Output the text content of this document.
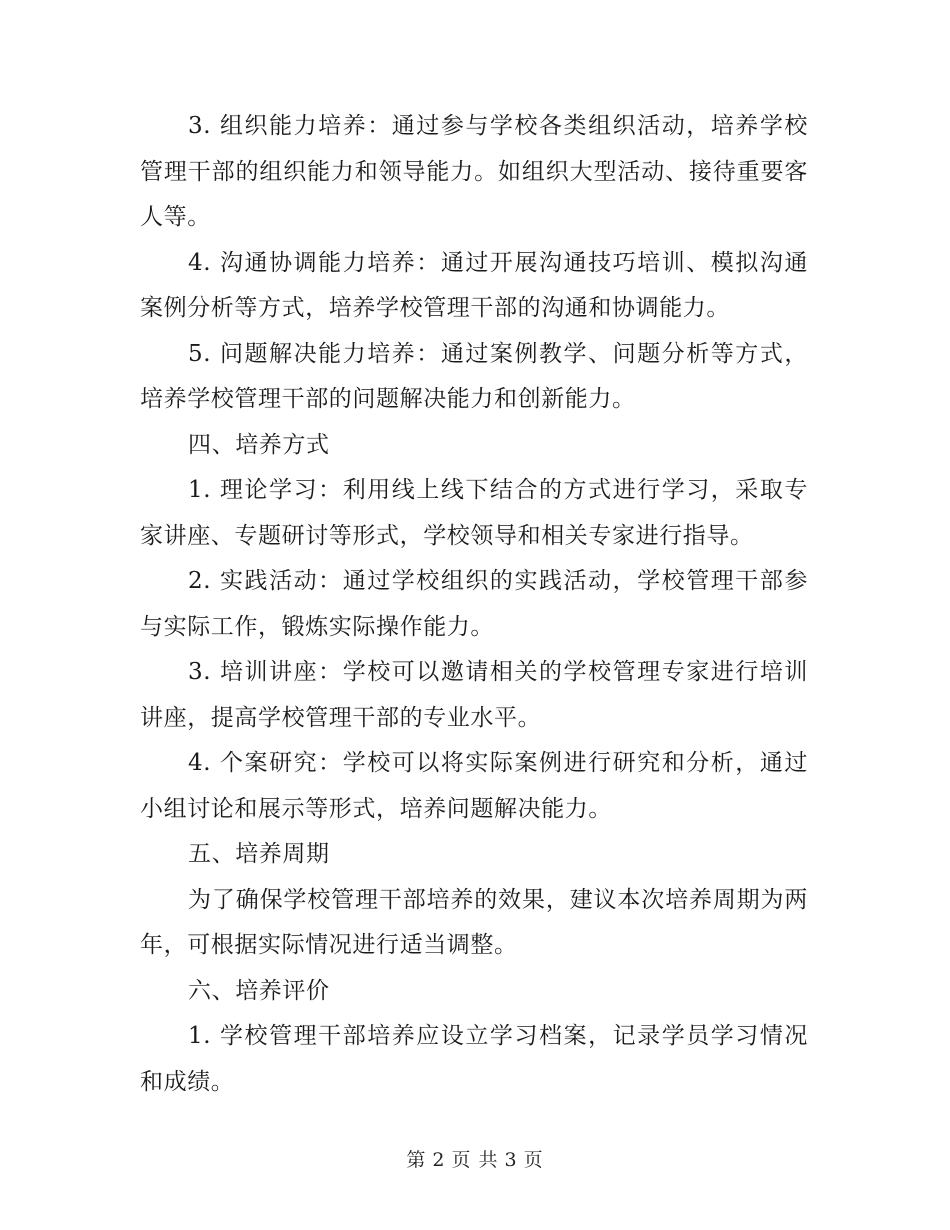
3. 组织能力培养：通过参与学校各类组织活动，培养学校管理干部的组织能力和领导能力。如组织大型活动、接待重要客人等。

4. 沟通协调能力培养：通过开展沟通技巧培训、模拟沟通案例分析等方式，培养学校管理干部的沟通和协调能力。

5. 问题解决能力培养：通过案例教学、问题分析等方式，培养学校管理干部的问题解决能力和创新能力。

四、培养方式

1. 理论学习：利用线上线下结合的方式进行学习，采取专家讲座、专题研讨等形式，学校领导和相关专家进行指导。

2. 实践活动：通过学校组织的实践活动，学校管理干部参与实际工作，锻炼实际操作能力。

3. 培训讲座：学校可以邀请相关的学校管理专家进行培训讲座，提高学校管理干部的专业水平。

4. 个案研究：学校可以将实际案例进行研究和分析，通过小组讨论和展示等形式，培养问题解决能力。

五、培养周期

为了确保学校管理干部培养的效果，建议本次培养周期为两年，可根据实际情况进行适当调整。

六、培养评价

1. 学校管理干部培养应设立学习档案，记录学员学习情况和成绩。

第 2 页 共 3 页
